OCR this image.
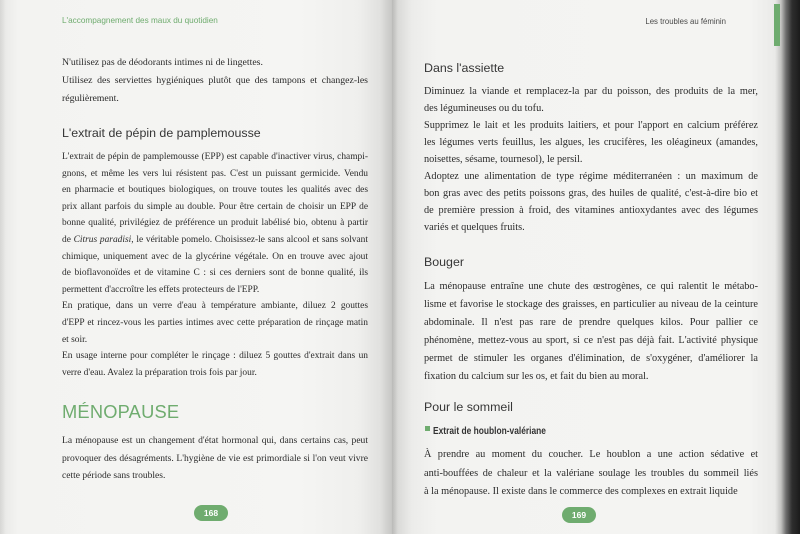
L'accompagnement des maux du quotidien
N'utilisez pas de déodorants intimes ni de lingettes.
Utilisez des serviettes hygiéniques plutôt que des tampons et changez-les
régulièrement.
L'extrait de pépin de pamplemousse
L'extrait de pépin de pamplemousse (EPP) est capable d'inactiver virus, champi-
gnons, et même les vers lui résistent pas. C'est un puissant germicide. Vendu
en pharmacie et boutiques biologiques, on trouve toutes les qualités avec des
prix allant parfois du simple au double. Pour être certain de choisir un EPP de
bonne qualité, privilégiez de préférence un produit labélisé bio, obtenu à partir
de Citrus paradisi, le véritable pomelo. Choisissez-le sans alcool et sans solvant
chimique, uniquement avec de la glycérine végétale. On en trouve avec ajout
de bioflavonoïdes et de vitamine C : si ces derniers sont de bonne qualité, ils
permettent d'accroître les effets protecteurs de l'EPP.
En pratique, dans un verre d'eau à température ambiante, diluez 2 gouttes
d'EPP et rincez-vous les parties intimes avec cette préparation de rinçage matin
et soir.
En usage interne pour compléter le rinçage : diluez 5 gouttes d'extrait dans un
verre d'eau. Avalez la préparation trois fois par jour.
MÉNOPAUSE
La ménopause est un changement d'état hormonal qui, dans certains cas, peut
provoquer des désagréments. L'hygiène de vie est primordiale si l'on veut vivre
cette période sans troubles.
168
Les troubles au féminin
Dans l'assiette
Diminuez la viande et remplacez-la par du poisson, des produits de la mer,
des légumineuses ou du tofu.
Supprimez le lait et les produits laitiers, et pour l'apport en calcium préférez
les légumes verts feuillus, les algues, les crucifères, les oléagineux (amandes,
noisettes, sésame, tournesol), le persil.
Adoptez une alimentation de type régime méditerranéen : un maximum de
bon gras avec des petits poissons gras, des huiles de qualité, c'est-à-dire bio et
de première pression à froid, des vitamines antioxydantes avec des légumes
variés et quelques fruits.
Bouger
La ménopause entraîne une chute des œstrogènes, ce qui ralentit le métabo-
lisme et favorise le stockage des graisses, en particulier au niveau de la ceinture
abdominale. Il n'est pas rare de prendre quelques kilos. Pour pallier ce
phénomène, mettez-vous au sport, si ce n'est pas déjà fait. L'activité physique
permet de stimuler les organes d'élimination, de s'oxygéner, d'améliorer la
fixation du calcium sur les os, et fait du bien au moral.
Pour le sommeil
Extrait de houblon-valériane
À prendre au moment du coucher. Le houblon a une action sédative et
anti-bouffées de chaleur et la valériane soulage les troubles du sommeil liés
à la ménopause. Il existe dans le commerce des complexes en extrait liquide
169
